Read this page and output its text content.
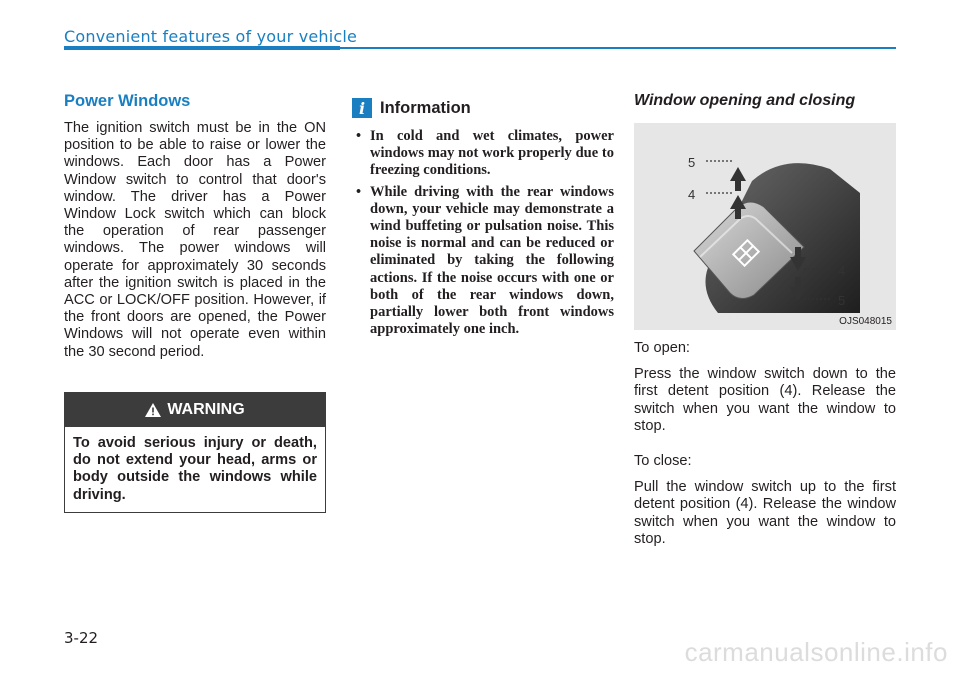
Convenient features of your vehicle
Power Windows

The ignition switch must be in the ON position to be able to raise or lower the windows. Each door has a Power Window switch to control that door's window. The driver has a Power Window Lock switch which can block the operation of rear passenger windows. The power windows will operate for approximately 30 seconds after the ignition switch is placed in the ACC or LOCK/OFF position. However, if the front doors are opened, the Power Windows will not operate even within the 30 second period.

WARNING
To avoid serious injury or death, do not extend your head, arms or body outside the windows while driving.
i Information
• In cold and wet climates, power windows may not work properly due to freezing conditions.
• While driving with the rear windows down, your vehicle may demonstrate a wind buffeting or pulsation noise. This noise is normal and can be reduced or eliminated by taking the following actions. If the noise occurs with one or both of the rear windows down, partially lower both front windows approximately one inch.
Window opening and closing
5
4
4
5
OJS048015

To open:

Press the window switch down to the first detent position (4). Release the switch when you want the window to stop.

To close:

Pull the window switch up to the first detent position (4). Release the window switch when you want the window to stop.

3-22	carmanualsonline.info
